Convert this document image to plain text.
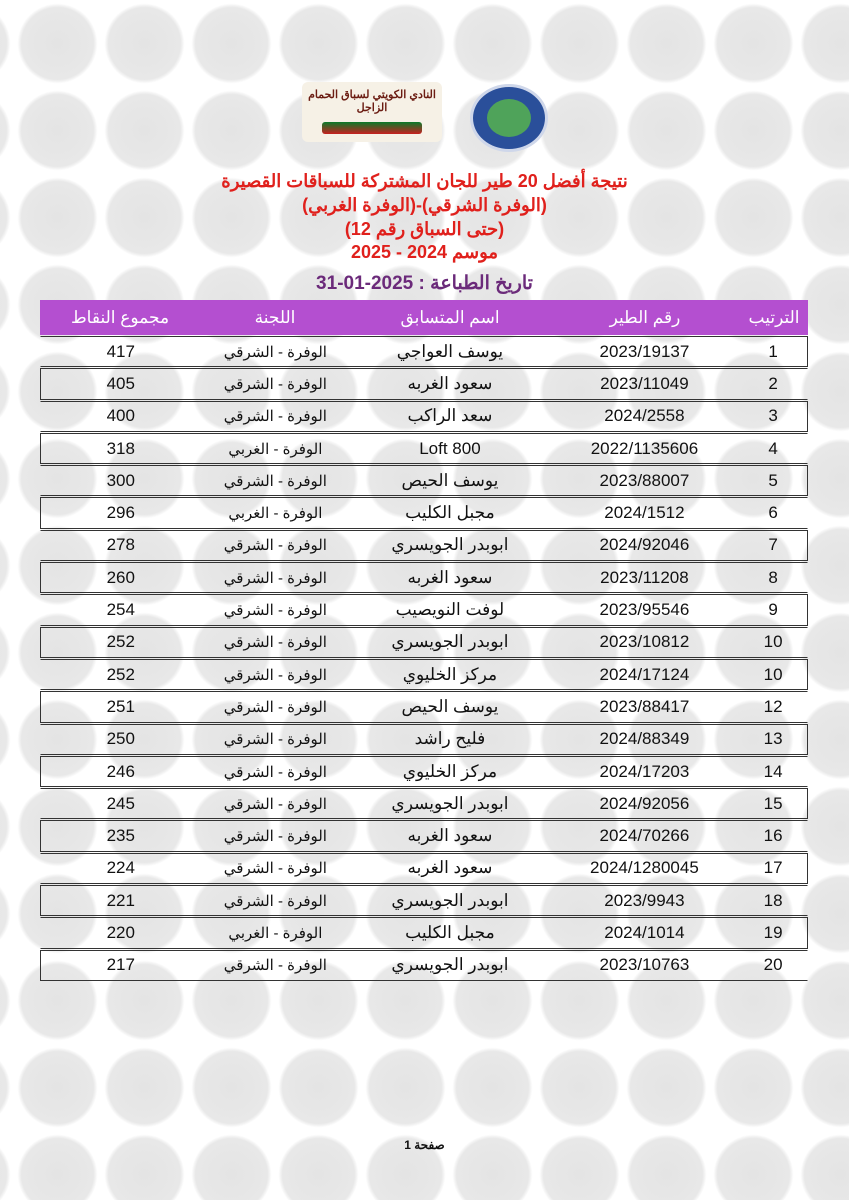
النادي الكويتي لسباق الحمام الزاجل
نتيجة أفضل 20 طير للجان المشتركة للسباقات القصيرة
(الوفرة الشرقي)-(الوفرة الغربي)
(حتى السباق رقم 12)
موسم 2024 - 2025
تاريخ الطباعة : 2025-01-31
الترتيب
رقم الطير
اسم المتسابق
اللجنة
مجموع النقاط
1
2023/19137
يوسف العواجي
الوفرة - الشرقي
417
2
2023/11049
سعود الغربه
الوفرة - الشرقي
405
3
2024/2558
سعد الراكب
الوفرة - الشرقي
400
4
2022/1135606
Loft 800
الوفرة - الغربي
318
5
2023/88007
يوسف الحيص
الوفرة - الشرقي
300
6
2024/1512
مجبل الكليب
الوفرة - الغربي
296
7
2024/92046
ابوبدر الجويسري
الوفرة - الشرقي
278
8
2023/11208
سعود الغربه
الوفرة - الشرقي
260
9
2023/95546
لوفت النويصيب
الوفرة - الشرقي
254
10
2023/10812
ابوبدر الجويسري
الوفرة - الشرقي
252
10
2024/17124
مركز الخليوي
الوفرة - الشرقي
252
12
2023/88417
يوسف الحيص
الوفرة - الشرقي
251
13
2024/88349
فليح راشد
الوفرة - الشرقي
250
14
2024/17203
مركز الخليوي
الوفرة - الشرقي
246
15
2024/92056
ابوبدر الجويسري
الوفرة - الشرقي
245
16
2024/70266
سعود الغربه
الوفرة - الشرقي
235
17
2024/1280045
سعود الغربه
الوفرة - الشرقي
224
18
2023/9943
ابوبدر الجويسري
الوفرة - الشرقي
221
19
2024/1014
مجبل الكليب
الوفرة - الغربي
220
20
2023/10763
ابوبدر الجويسري
الوفرة - الشرقي
217
صفحة 1
